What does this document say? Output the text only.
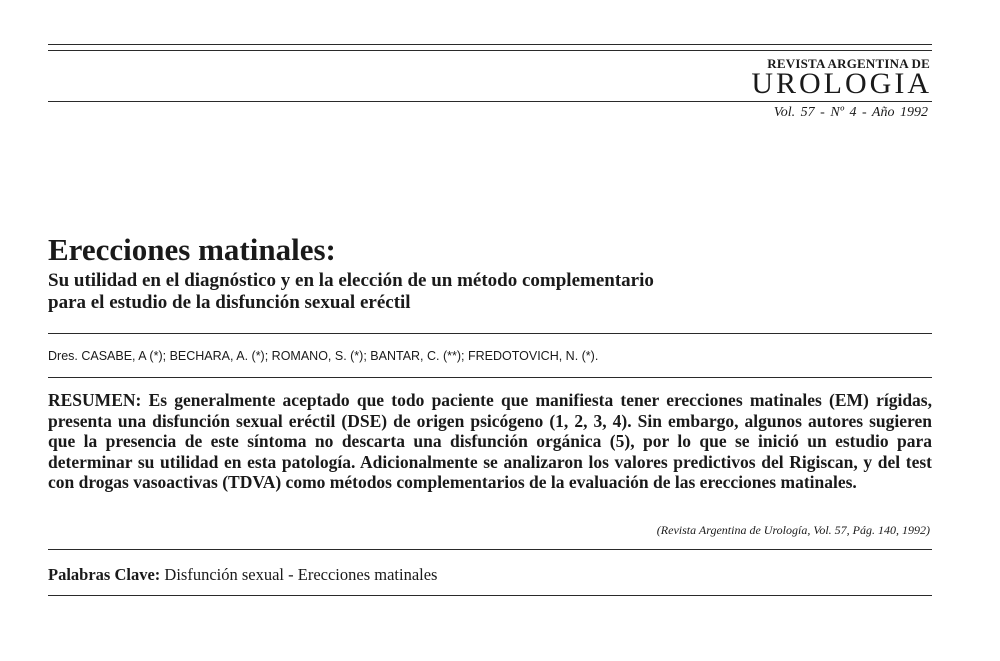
REVISTA ARGENTINA DE
UROLOGIA
Vol. 57 - Nº 4 - Año 1992
Erecciones matinales:
Su utilidad en el diagnóstico y en la elección de un método complementario
para el estudio de la disfunción sexual eréctil
Dres. CASABE, A (*); BECHARA, A. (*); ROMANO, S. (*); BANTAR, C. (**); FREDOTOVICH, N. (*).
RESUMEN: Es generalmente aceptado que todo paciente que manifiesta tener erecciones matinales (EM) rígidas, presenta una disfunción sexual eréctil (DSE) de origen psicógeno (1, 2, 3, 4). Sin embargo, algunos autores sugieren que la presencia de este síntoma no descarta una disfunción orgánica (5), por lo que se inició un estudio para determinar su utilidad en esta patología. Adicionalmente se analizaron los valores predictivos del Rigiscan, y del test con drogas vasoactivas (TDVA) como métodos complementarios de la evaluación de las erecciones matinales.
(Revista Argentina de Urología, Vol. 57, Pág. 140, 1992)
Palabras Clave: Disfunción sexual - Erecciones matinales
